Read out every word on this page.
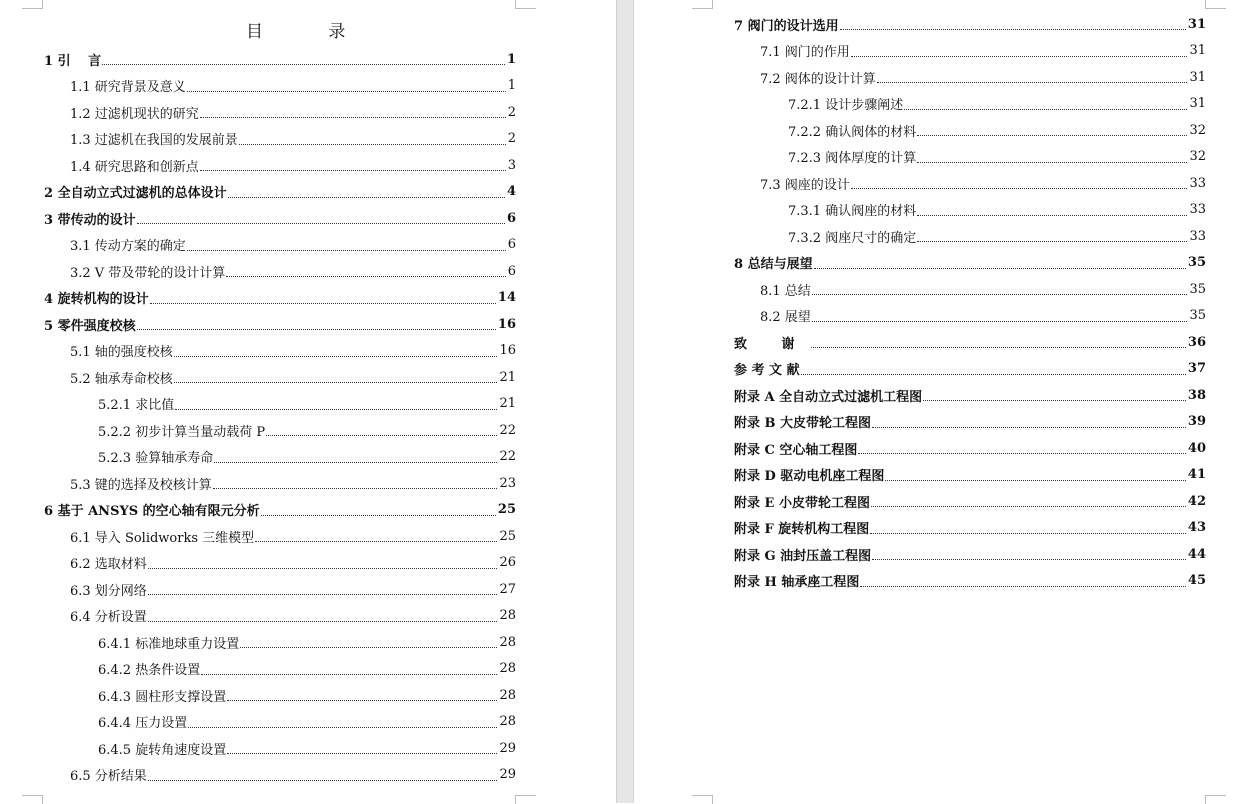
目 录
1 引　 言	1
1.1 研究背景及意义	1
1.2 过滤机现状的研究	2
1.3 过滤机在我国的发展前景	2
1.4 研究思路和创新点	3
2 全自动立式过滤机的总体设计	4
3 带传动的设计	6
3.1 传动方案的确定	6
3.2 V 带及带轮的设计计算	6
4 旋转机构的设计	14
5 零件强度校核	16
5.1 轴的强度校核	16
5.2 轴承寿命校核	21
5.2.1 求比值	21
5.2.2 初步计算当量动载荷 P	22
5.2.3 验算轴承寿命	22
5.3 键的选择及校核计算	23
6 基于 ANSYS 的空心轴有限元分析	25
6.1 导入 Solidworks 三维模型	25
6.2 选取材料	26
6.3 划分网络	27
6.4 分析设置	28
6.4.1 标准地球重力设置	28
6.4.2 热条件设置	28
6.4.3 圆柱形支撑设置	28
6.4.4 压力设置	28
6.4.5 旋转角速度设置	29
6.5 分析结果	29
7 阀门的设计选用	31
7.1 阀门的作用	31
7.2 阀体的设计计算	31
7.2.1 设计步骤阐述	31
7.2.2 确认阀体的材料	32
7.2.3 阀体厚度的计算	32
7.3 阀座的设计	33
7.3.1 确认阀座的材料	33
7.3.2 阀座尺寸的确定	33
8 总结与展望	35
8.1 总结	35
8.2 展望	35
致 谢	36
参 考 文 献	37
附录 A 全自动立式过滤机工程图	38
附录 B 大皮带轮工程图	39
附录 C 空心轴工程图	40
附录 D 驱动电机座工程图	41
附录 E 小皮带轮工程图	42
附录 F 旋转机构工程图	43
附录 G 油封压盖工程图	44
附录 H 轴承座工程图	45
